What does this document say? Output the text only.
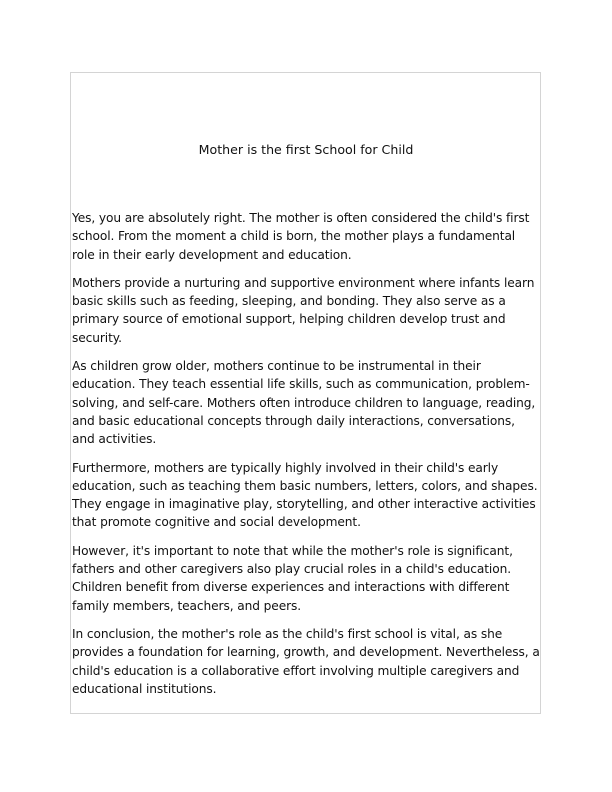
Mother is the first School for Child

Yes, you are absolutely right. The mother is often considered the child's first school. From the moment a child is born, the mother plays a fundamental role in their early development and education.

Mothers provide a nurturing and supportive environment where infants learn basic skills such as feeding, sleeping, and bonding. They also serve as a primary source of emotional support, helping children develop trust and security.

As children grow older, mothers continue to be instrumental in their education. They teach essential life skills, such as communication, problem-solving, and self-care. Mothers often introduce children to language, reading, and basic educational concepts through daily interactions, conversations, and activities.

Furthermore, mothers are typically highly involved in their child's early education, such as teaching them basic numbers, letters, colors, and shapes. They engage in imaginative play, storytelling, and other interactive activities that promote cognitive and social development.

However, it's important to note that while the mother's role is significant, fathers and other caregivers also play crucial roles in a child's education. Children benefit from diverse experiences and interactions with different family members, teachers, and peers.

In conclusion, the mother's role as the child's first school is vital, as she provides a foundation for learning, growth, and development. Nevertheless, a child's education is a collaborative effort involving multiple caregivers and educational institutions.
